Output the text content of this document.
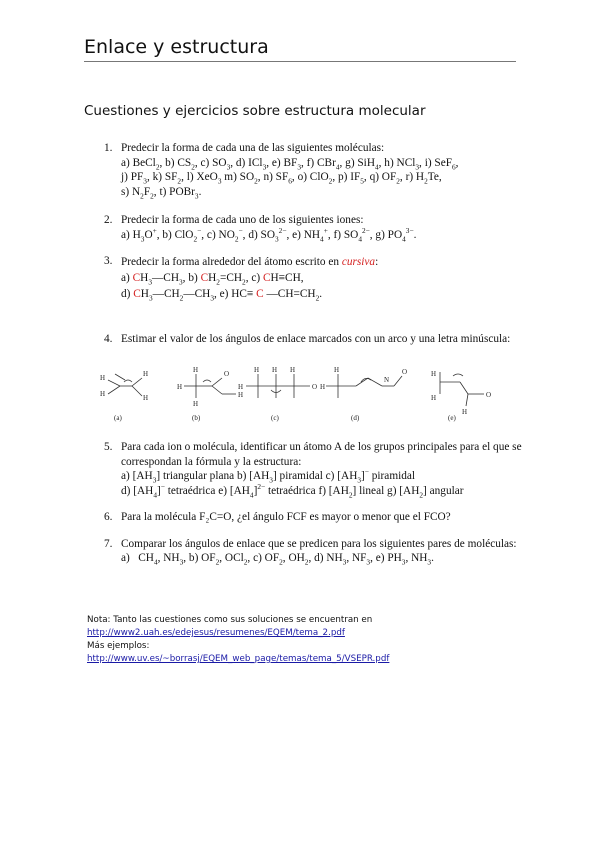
Enlace y estructura
Cuestiones y ejercicios sobre estructura molecular
1. Predecir la forma de cada una de las siguientes moléculas:
a) BeCl$_2$, b) $CS_2$, c) $SO_3$, d) ICl$_3$, e) $BF_3$, f) CBr$_4$, g) SiH$_4$, h) NCl$_3$, i) SeF$_6$,
j) $PF_3$, k) $SF_2$, l) XeO$_3$ m) $SO_2$, n) $SF_6$, o) ClO$_2$, p) $IF_5$, q) $OF_2$, r) $H_2Te$,
s) $N_2F_2$, t) POBr$_3$.
2. Predecir la forma de cada uno de los siguientes iones:
a) $H_3O^+$, b) ClO$_2$−, c) $NO_2^-$, d) $SO_3^{2-}$, e) $NH_4^+$, f) $SO_4^{2-}$, g) $PO_4^{3-}$.
3. Predecir la forma alrededor del átomo escrito en cursiva:
a) $CH_3—CH_3$, b) $CH_2=CH_2$, c) CH≡CH,
d) $CH_3—CH_2—CH_3$, e) HC≡ C $—CH=CH_2$.
4. Estimar el valor de los ángulos de enlace marcados con un arco y una letra minúscula:
H
H
H
H
(a)
H
H
H
O
H
(b)
H	O
H H H
(c)
H
H
N
O
(d)
H
H	O
H
(e)
5. Para cada ion o molécula, identificar un átomo A de los grupos principales para el que se correspondan la fórmula y la estructura:
a) $[AH_3]$ triangular plana b) $[AH_3]$ piramidal c) $[AH_3]^-$ piramidal
d) $[AH_4]^-$ tetraédrica e) $[AH_4]^{2-}$ tetraédrica f) $[AH_2]$ lineal g) $[AH_2]$ angular
6. Para la molécula F₂C=O, ¿el ángulo FCF es mayor o menor que el FCO?
7. Comparar los ángulos de enlace que se predicen para los siguientes pares de moléculas:
a)   $CH_4$, $NH_3$, b) $OF_2$, OCl$_2$, c) $OF_2$, $OH_2$, d) $NH_3$, $NF_3$, e) $PH_3$, $NH_3$.
Nota: Tanto las cuestiones como sus soluciones se encuentran en
http://www2.uah.es/edejesus/resumenes/EQEM/tema_2.pdf
Más ejemplos:
http://www.uv.es/~borrasj/EQEM_web_page/temas/tema_5/VSEPR.pdf
